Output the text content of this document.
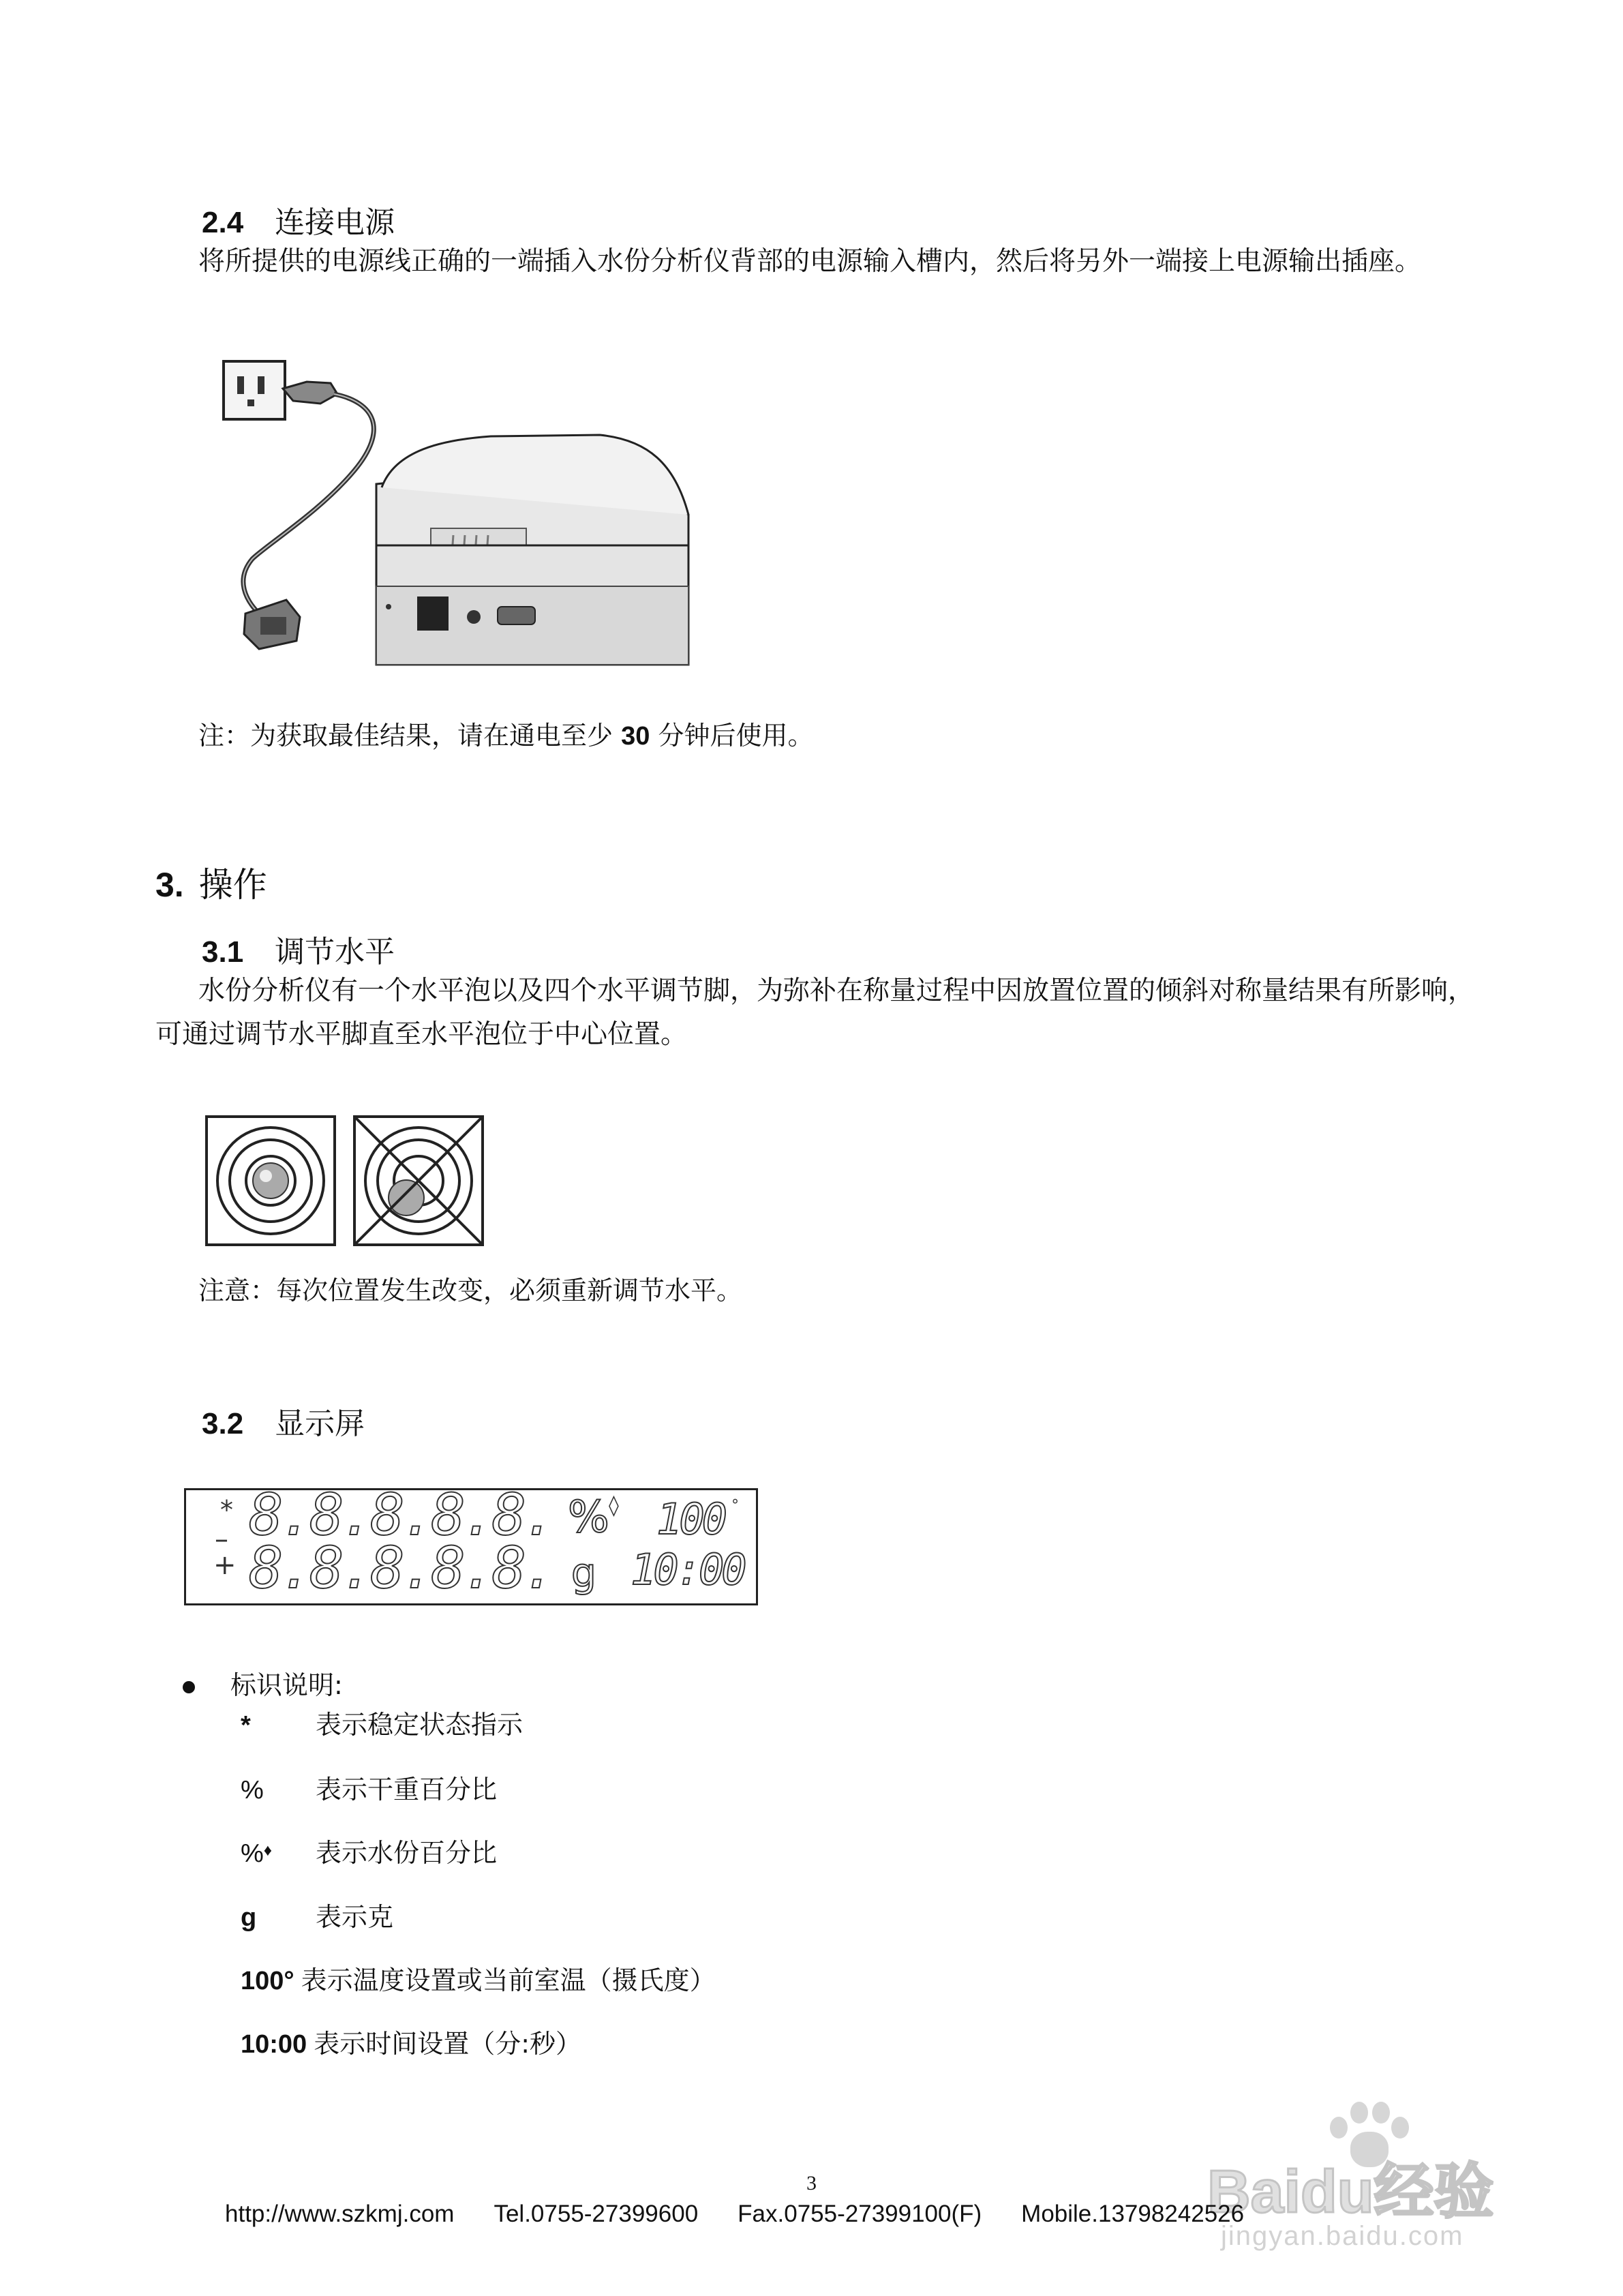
2.4 连接电源
将所提供的电源线正确的一端插入水份分析仪背部的电源输入槽内，然后将另外一端接上电源输出插座。
注：为获取最佳结果，请在通电至少 30 分钟后使用。
3. 操作
3.1 调节水平
水份分析仪有一个水平泡以及四个水平调节脚，为弥补在称量过程中因放置位置的倾斜对称量结果有所影响，可通过调节水平脚直至水平泡位于中心位置。
注意：每次位置发生改变，必须重新调节水平。
3.2 显示屏
*
–
+
8.8.8.8.8.
8.8.8.8.8.
% ◊
g
100 °
10:00
标识说明:
*	表示稳定状态指示
% 表示干重百分比
%♦ 表示水份百分比
g 表示克
100° 表示温度设置或当前室温（摄氏度）
10:00 表示时间设置（分:秒）
3	Baidu经验
jingyan.baidu.com
http://www.szkmj.com Tel.0755-27399600 Fax.0755-27399100(F) Mobile.13798242526
